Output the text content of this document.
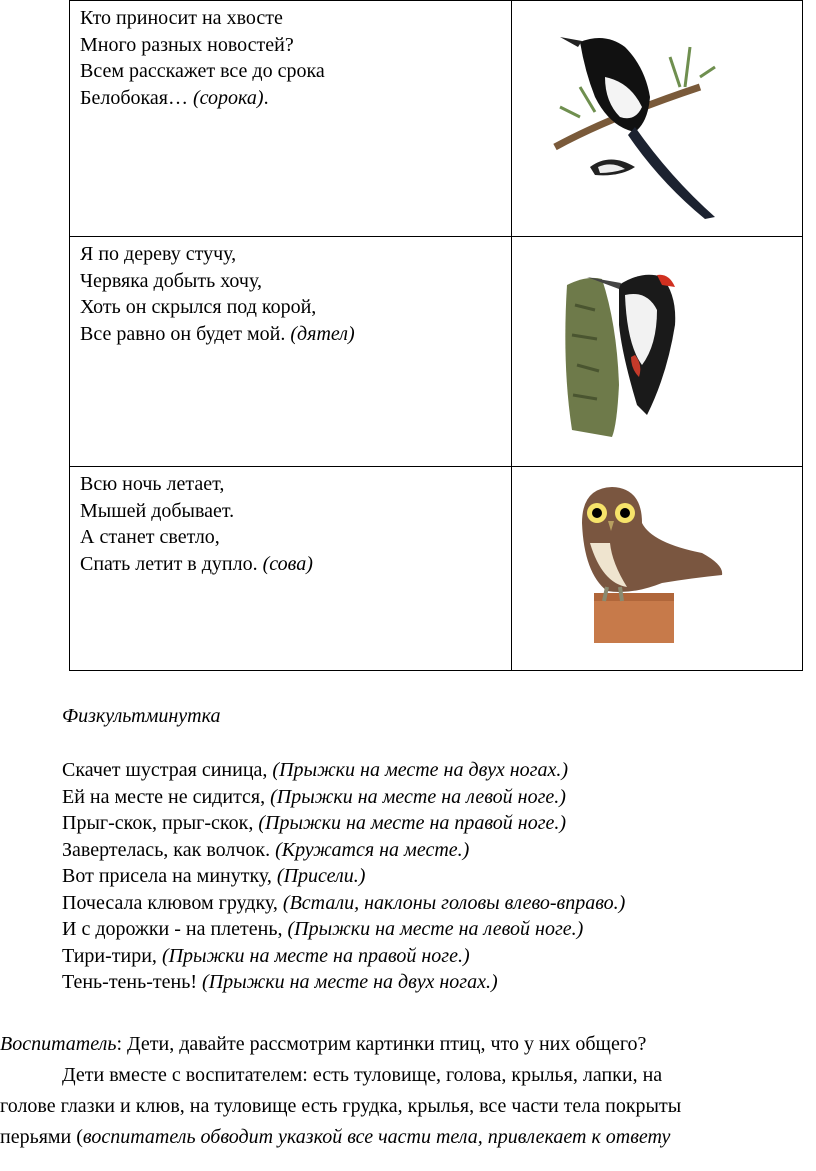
Кто приносит на хвосте
Много разных новостей?
Всем расскажет все до срока
Белобокая… (сорока).

Я по дереву стучу,
Червяка добыть хочу,
Хоть он скрылся под корой,
Все равно он будет мой. (дятел)

Всю ночь летает,
Мышей добывает.
А станет светло,
Спать летит в дупло. (сова)

Физкультминутка
Скачет шустрая синица, (Прыжки на месте на двух ногах.)
Ей на месте не сидится, (Прыжки на месте на левой ноге.)
Прыг-скок, прыг-скок, (Прыжки на месте на правой ноге.)
Завертелась, как волчок. (Кружатся на месте.)
Вот присела на минутку, (Присели.)
Почесала клювом грудку, (Встали, наклоны головы влево-вправо.)
И с дорожки - на плетень, (Прыжки на месте на левой ноге.)
Тири-тири, (Прыжки на месте на правой ноге.)
Тень-тень-тень! (Прыжки на месте на двух ногах.)
Воспитатель: Дети, давайте рассмотрим картинки птиц, что у них общего?
Дети вместе с воспитателем: есть туловище, голова, крылья, лапки, на
голове глазки и клюв, на туловище есть грудка, крылья, все части тела покрыты
перьями (воспитатель обводит указкой все части тела, привлекает к ответу
